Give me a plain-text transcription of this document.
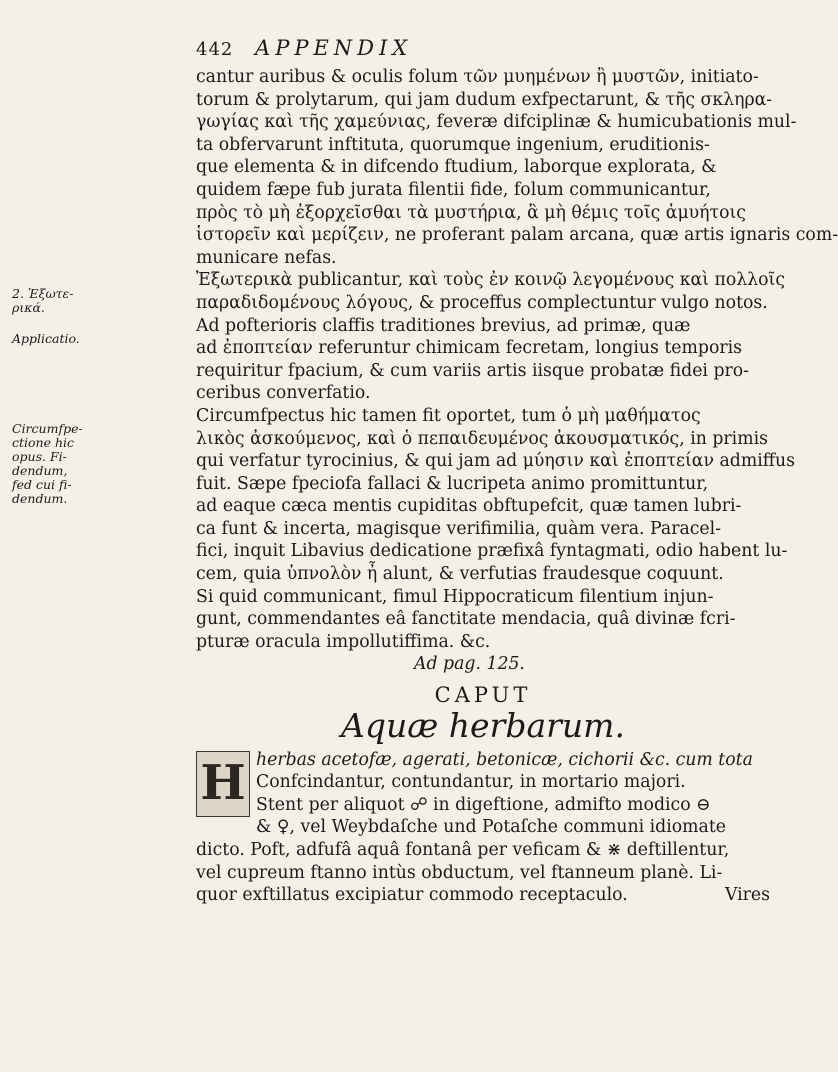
442 APPENDIX
2. Ἐξωτε-
ρικά.
Applicatio.
Circumfpe-
ctione hic
opus. Fi-
dendum,
fed cui fi-
dendum.
cantur auribus & oculis folum τῶν μυημένων ἢ μυστῶν, initiato-
torum & prolytarum, qui jam dudum exfpectarunt, & τῆς σκληρα-
γωγίας καὶ τῆς χαμεύνιας, feveræ difciplinæ & humicubationis mul-
ta obfervarunt inftituta, quorumque ingenium, eruditionis-
que elementa & in difcendo ftudium, laborque explorata, &
quidem fæpe fub jurata filentii fide, folum communicantur,
πρὸς τὸ μὴ ἐξορχεῖσθαι τὰ μυστήρια, ἃ μὴ θέμις τοῖς ἀμυήτοις
ἱστορεῖν καὶ μερίζειν, ne proferant palam arcana, quæ artis ignaris com-
municare nefas.
Ἐξωτερικὰ publicantur, καὶ τοὺς ἐν κοινῷ λεγομένους καὶ πολλοῖς
παραδιδομένους λόγους, & proceffus complectuntur vulgo notos.
Ad pofterioris claffis traditiones brevius, ad primæ, quæ
ad ἐποπτείαν referuntur chimicam fecretam, longius temporis
requiritur fpacium, & cum variis artis iisque probatæ fidei pro-
ceribus converfatio.
Circumfpectus hic tamen fit oportet, tum ὁ μὴ μαθήματος
λικὸς ἀσκούμενος, καὶ ὁ πεπαιδευμένος ἀκουσματικός, in primis
qui verfatur tyrocinius, & qui jam ad μύησιν καὶ ἐποπτείαν admiffus
fuit. Sæpe fpeciofa fallaci & lucripeta animo promittuntur,
ad eaque cæca mentis cupiditas obftupefcit, quæ tamen lubri-
ca funt & incerta, magisque verifimilia, quàm vera. Paracel-
fici, inquit Libavius dedicatione præfixâ fyntagmati, odio habent lu-
cem, quia ὑπνολὸν ἦ alunt, & verfutias fraudesque coquunt.
Si quid communicant, fimul Hippocraticum filentium injun-
gunt, commendantes eâ fanctitate mendacia, quâ divinæ fcri-
pturæ oracula impollutiffima. &c.
Ad pag. 125.
CAPUT
Aquæ herbarum.
H herbas acetofæ, agerati, betonicæ, cichorii &c. cum tota
Confcindantur, contundantur, in mortario majori.
Stent per aliquot ☍ in digeftione, admifto modico ⊖
& ♀, vel Weybdaſche und Potaſche communi idiomate
dicto. Poft, adfufâ aquâ fontanâ per veficam & ⋇ deftillentur,
vel cupreum ftanno intùs obductum, vel ftanneum planè. Li-
quor exftillatus excipiatur commodo receptaculo.	Vires
